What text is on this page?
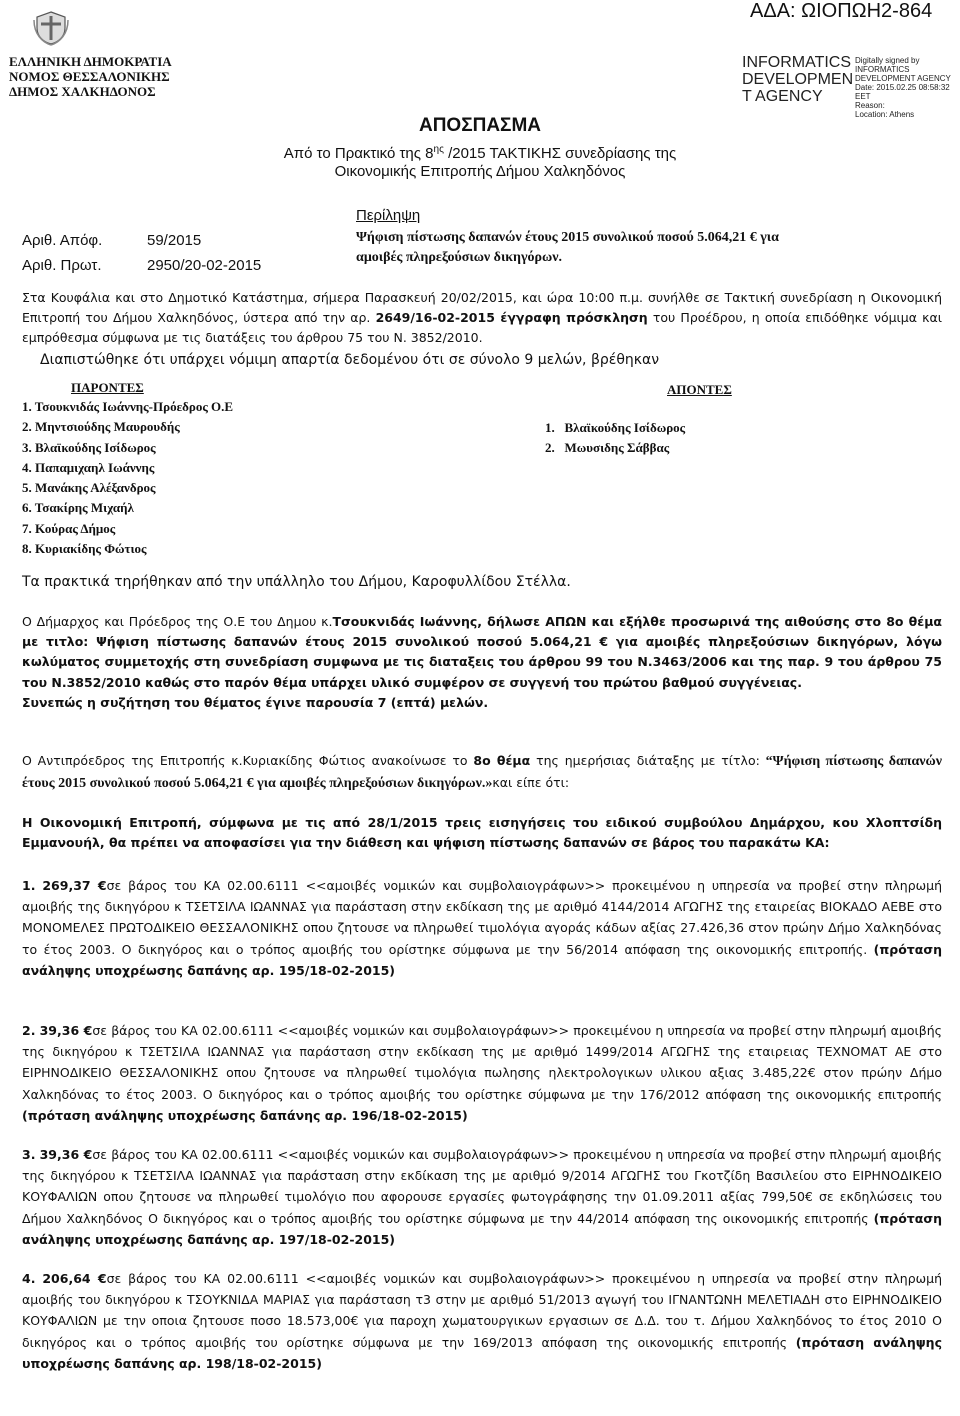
ΑΔΑ: ΩΙΟΠΩΗ2-864
ΕΛΛΗΝΙΚΗ ΔΗΜΟΚΡΑΤΙΑ
ΝΟΜΟΣ ΘΕΣΣΑΛΟΝΙΚΗΣ
ΔΗΜΟΣ ΧΑΛΚΗΔΟΝΟΣ
INFORMATICS
DEVELOPMEN
T AGENCY
Digitally signed by
INFORMATICS
DEVELOPMENT AGENCY
Date: 2015.02.25 08:58:32
EET
Reason:
Location: Athens
ΑΠΟΣΠΑΣΜΑ
Από το Πρακτικό της $8^{\eta\varsigma}$ /2015 ΤΑΚΤΙΚΗΣ συνεδρίασης της
Οικονομικής Επιτροπής Δήμου Χαλκηδόνος
Αριθ. Απόφ.	59/2015
Αριθ. Πρωτ.	2950/20-02-2015
Περίληψη
Ψήφιση πίστωσης δαπανών έτους 2015 συνολικού ποσού 5.064,21 € για
αμοιβές πληρεξούσιων δικηγόρων.
Στα Κουφάλια και στο Δημοτικό Κατάστημα, σήμερα Παρασκευή 20/02/2015, και ώρα 10:00 π.μ. συνήλθε σε Τακτική συνεδρίαση η Οικονομική Επιτροπή του Δήμου Χαλκηδόνος, ύστερα από την αρ. 2649/16-02-2015 έγγραφη πρόσκληση του Προέδρου, η οποία επιδόθηκε νόμιμα και εμπρόθεσμα σύμφωνα με τις διατάξεις του άρθρου 75 του Ν. 3852/2010.
Διαπιστώθηκε ότι υπάρχει νόμιμη απαρτία δεδομένου ότι σε σύνολο 9 μελών, βρέθηκαν
ΠΑΡΟΝΤΕΣ
1. Τσουκνιδάς Ιωάννης-Πρόεδρος Ο.Ε
2. Μηντσιούδης Μαυρουδής
3. Βλαϊκούδης Ισίδωρος
4. Παπαμιχαηλ Ιωάννης
5. Μανάκης Αλέξανδρος
6. Τσακίρης Μιχαήλ
7. Κούρας Δήμος
8. Κυριακίδης Φώτιος
ΑΠΟΝΤΕΣ
1.   Βλαϊκούδης Ισίδωρος
2.   Μωυσιδης Σάββας
Τα πρακτικά τηρήθηκαν από την υπάλληλο του Δήμου, Καροφυλλίδου Στέλλα.
Ο Δήμαρχος και Πρόεδρος της Ο.Ε του Δημου κ.Τσουκνιδάς Ιωάννης, δήλωσε ΑΠΩΝ και εξήλθε προσωρινά της αιθούσης στο 8ο θέμα με τιτλο: Ψήφιση πίστωσης δαπανών έτους 2015 συνολικού ποσού 5.064,21 € για αμοιβές πληρεξούσιων δικηγόρων, λόγω κωλύματος συμμετοχής στη συνεδρίαση συμφωνα με τις διαταξεις του άρθρου 99 του Ν.3463/2006 και της παρ. 9 του άρθρου 75 του Ν.3852/2010 καθώς στο παρόν θέμα υπάρχει υλικό συμφέρον σε συγγενή του πρώτου βαθμού συγγένειας.
Συνεπώς η συζήτηση του θέματος έγινε παρουσία 7 (επτά) μελών.
Ο Αντιπρόεδρος της Επιτροπής κ.Κυριακίδης Φώτιος ανακοίνωσε το 8ο θέμα της ημερήσιας διάταξης με τίτλο: “Ψήφιση πίστωσης δαπανών έτους 2015 συνολικού ποσού 5.064,21 € για αμοιβές πληρεξούσιων δικηγόρων.»και είπε ότι:
Η Οικονομική Επιτροπή, σύμφωνα με τις από 28/1/2015 τρεις εισηγήσεις του ειδικού συμβούλου Δημάρχου, κου Χλοπτσίδη Εμμανουήλ, θα πρέπει να αποφασίσει για την διάθεση και ψήφιση πίστωσης δαπανών σε βάρος του παρακάτω ΚΑ:
1. 269,37 €σε βάρος του ΚΑ 02.00.6111 <<αμοιβές νομικών και συμβολαιογράφων>> προκειμένου η υπηρεσία να προβεί στην πληρωμή αμοιβής της δικηγόρου κ ΤΣΕΤΣΙΛΑ ΙΩΑΝΝΑΣ για παράσταση στην εκδίκαση της με αριθμό 4144/2014 ΑΓΩΓΗΣ της εταιρείας ΒΙΟΚΑΔΟ ΑΕΒΕ στο ΜΟΝΟΜΕΛΕΣ ΠΡΩΤΟΔΙΚΕΙΟ ΘΕΣΣΑΛΟΝΙΚΗΣ οπου ζητουσε να πληρωθεί τιμολόγια αγοράς κάδων αξίας 27.426,36 στον πρώην Δήμο Χαλκηδόνας το έτος 2003. Ο δικηγόρος και ο τρόπος αμοιβής του ορίστηκε σύμφωνα με την 56/2014 απόφαση της οικονομικής επιτροπής. (πρόταση ανάληψης υποχρέωσης δαπάνης αρ. 195/18-02-2015)
2. 39,36 €σε βάρος του ΚΑ 02.00.6111 <<αμοιβές νομικών και συμβολαιογράφων>> προκειμένου η υπηρεσία να προβεί στην πληρωμή αμοιβής της δικηγόρου κ ΤΣΕΤΣΙΛΑ ΙΩΑΝΝΑΣ για παράσταση στην εκδίκαση της με αριθμό 1499/2014 ΑΓΩΓΗΣ της εταιρειας ΤΕΧΝΟΜΑΤ ΑΕ στο ΕΙΡΗΝΟΔΙΚΕΙΟ ΘΕΣΣΑΛΟΝΙΚΗΣ οπου ζητουσε να πληρωθεί τιμολόγια πωλησης ηλεκτρολογικων υλικου αξιας 3.485,22€ στον πρώην Δήμο Χαλκηδόνας το έτος 2003. Ο δικηγόρος και ο τρόπος αμοιβής του ορίστηκε σύμφωνα με την 176/2012 απόφαση της οικονομικής επιτροπής (πρόταση ανάληψης υποχρέωσης δαπάνης αρ. 196/18-02-2015)
3. 39,36 €σε βάρος του ΚΑ 02.00.6111 <<αμοιβές νομικών και συμβολαιογράφων>> προκειμένου η υπηρεσία να προβεί στην πληρωμή αμοιβής της δικηγόρου κ ΤΣΕΤΣΙΛΑ ΙΩΑΝΝΑΣ για παράσταση στην εκδίκαση της με αριθμό 9/2014 ΑΓΩΓΗΣ του Γκοτζίδη Βασιλείου στο ΕΙΡΗΝΟΔΙΚΕΙΟ ΚΟΥΦΑΛΙΩΝ οπου ζητουσε να πληρωθεί τιμολόγιο που αφορουσε εργασίες φωτογράφησης την 01.09.2011 αξίας 799,50€ σε εκδηλώσεις του Δήμου Χαλκηδόνος Ο δικηγόρος και ο τρόπος αμοιβής του ορίστηκε σύμφωνα με την 44/2014 απόφαση της οικονομικής επιτροπής (πρόταση ανάληψης υποχρέωσης δαπάνης αρ. 197/18-02-2015)
4. 206,64 €σε βάρος του ΚΑ 02.00.6111 <<αμοιβές νομικών και συμβολαιογράφων>> προκειμένου η υπηρεσία να προβεί στην πληρωμή αμοιβής του δικηγόρου κ ΤΣΟΥΚΝΙΔΑ ΜΑΡΙΑΣ για παράσταση τ3 στην με αριθμό 51/2013 αγωγή του ΙΓΝΑΝΤΩΝΗ ΜΕΛΕΤΙΑΔΗ στο ΕΙΡΗΝΟΔΙΚΕΙΟ ΚΟΥΦΑΛΙΩΝ με την οποια ζητουσε ποσο 18.573,00€ για παροχη χωματουργικων εργασιων σε Δ.Δ. του τ. Δήμου Χαλκηδόνος το έτος 2010 Ο δικηγόρος και ο τρόπος αμοιβής του ορίστηκε σύμφωνα με την 169/2013 απόφαση της οικονομικής επιτροπής (πρόταση ανάληψης υποχρέωσης δαπάνης αρ. 198/18-02-2015)
